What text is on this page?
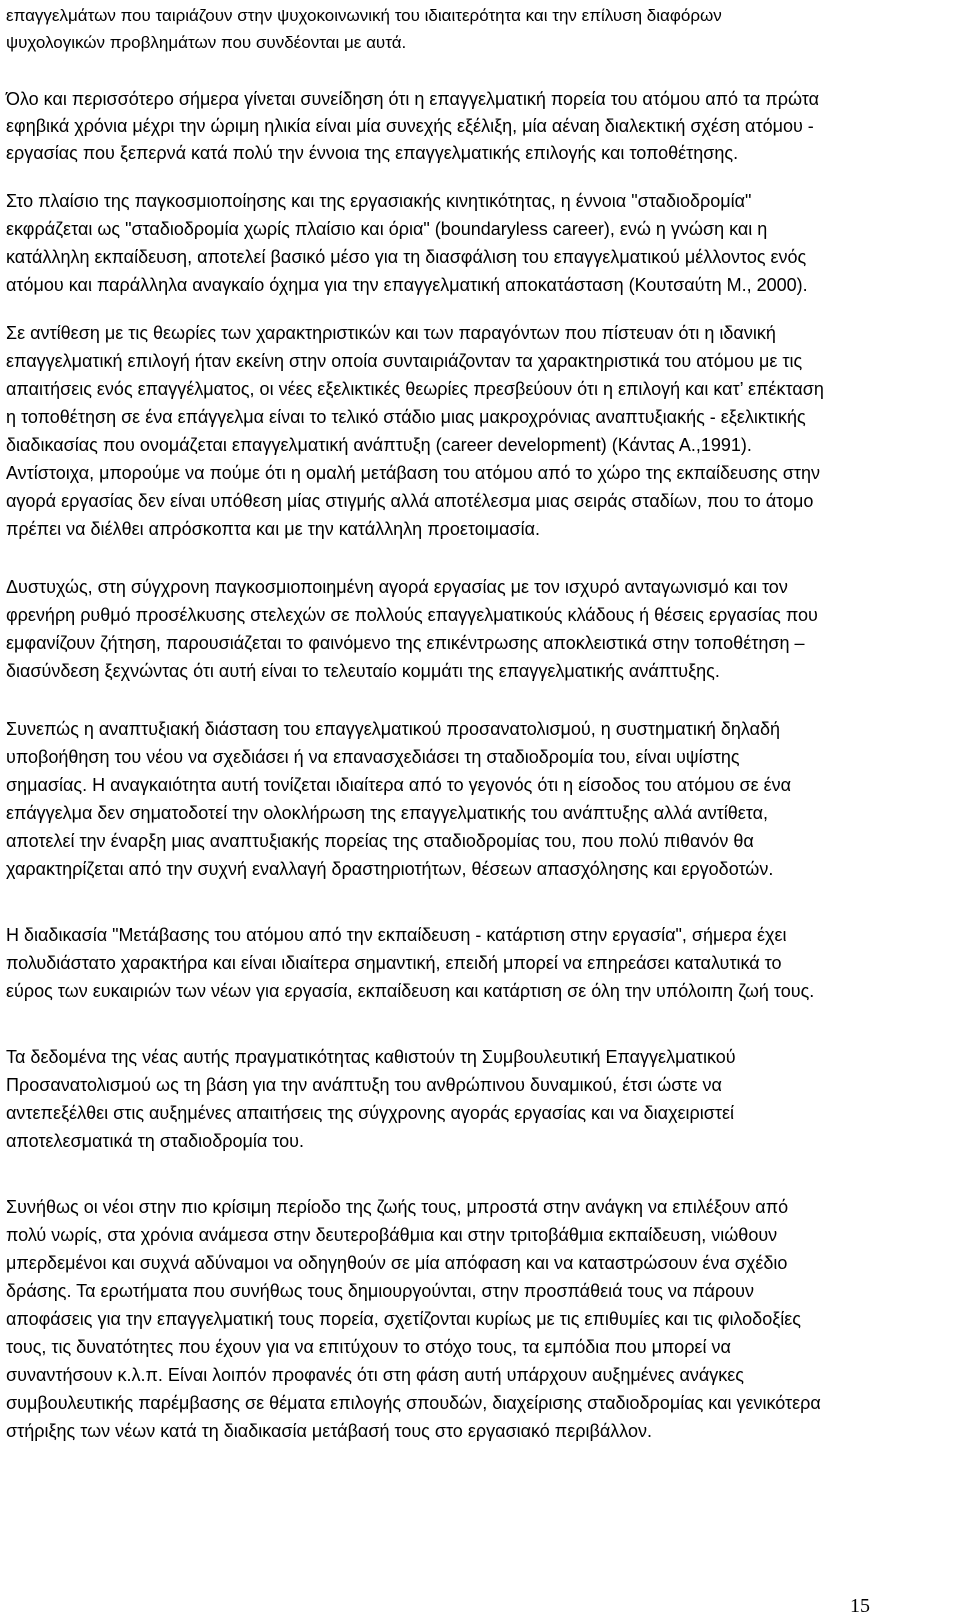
επαγγελμάτων που ταιριάζουν στην ψυχοκοινωνική του ιδιαιτερότητα και την επίλυση διαφόρων
ψυχολογικών προβλημάτων που συνδέονται με αυτά.

Όλο και περισσότερο σήμερα γίνεται συνείδηση ότι η επαγγελματική πορεία του ατόμου από τα πρώτα
εφηβικά χρόνια μέχρι την ώριμη ηλικία είναι μία συνεχής εξέλιξη, μία αέναη διαλεκτική σχέση ατόμου -
εργασίας που ξεπερνά κατά πολύ την έννοια της επαγγελματικής επιλογής και τοποθέτησης.

Στο πλαίσιο της παγκοσμιοποίησης και της εργασιακής κινητικότητας, η έννοια "σταδιοδρομία"
εκφράζεται ως "σταδιοδρομία χωρίς πλαίσιο και όρια" (boundaryless career), ενώ η γνώση και η
κατάλληλη εκπαίδευση, αποτελεί βασικό μέσο για τη διασφάλιση του επαγγελματικού μέλλοντος ενός
ατόμου και παράλληλα αναγκαίο όχημα για την επαγγελματική αποκατάσταση (Κουτσαύτη Μ., 2000).

Σε αντίθεση με τις θεωρίες των χαρακτηριστικών και των παραγόντων που πίστευαν ότι η ιδανική
επαγγελματική επιλογή ήταν εκείνη στην οποία συνταιριάζονταν τα χαρακτηριστικά του ατόμου με τις
απαιτήσεις ενός επαγγέλματος, οι νέες εξελικτικές θεωρίες πρεσβεύουν ότι η επιλογή και κατ’ επέκταση
η τοποθέτηση σε ένα επάγγελμα είναι το τελικό στάδιο μιας μακροχρόνιας αναπτυξιακής - εξελικτικής
διαδικασίας που ονομάζεται επαγγελματική ανάπτυξη (career development) (Κάντας Α.,1991).
Αντίστοιχα, μπορούμε να πούμε ότι η ομαλή μετάβαση του ατόμου από το χώρο της εκπαίδευσης στην
αγορά εργασίας δεν είναι υπόθεση μίας στιγμής αλλά αποτέλεσμα μιας σειράς σταδίων, που το άτομο
πρέπει να διέλθει απρόσκοπτα και με την κατάλληλη προετοιμασία.

Δυστυχώς, στη σύγχρονη παγκοσμιοποιημένη αγορά εργασίας με τον ισχυρό ανταγωνισμό και τον
φρενήρη ρυθμό προσέλκυσης στελεχών σε πολλούς επαγγελματικούς κλάδους ή θέσεις εργασίας που
εμφανίζουν ζήτηση, παρουσιάζεται το φαινόμενο της επικέντρωσης αποκλειστικά στην τοποθέτηση –
διασύνδεση ξεχνώντας ότι αυτή είναι το τελευταίο κομμάτι της επαγγελματικής ανάπτυξης.

Συνεπώς η αναπτυξιακή διάσταση του επαγγελματικού προσανατολισμού, η συστηματική δηλαδή
υποβοήθηση του νέου να σχεδιάσει ή να επανασχεδιάσει τη σταδιοδρομία του, είναι υψίστης
σημασίας. Η αναγκαιότητα αυτή τονίζεται ιδιαίτερα από το γεγονός ότι η είσοδος του ατόμου σε ένα
επάγγελμα δεν σηματοδοτεί την ολοκλήρωση της επαγγελματικής του ανάπτυξης αλλά αντίθετα,
αποτελεί την έναρξη μιας αναπτυξιακής πορείας της σταδιοδρομίας του, που πολύ πιθανόν θα
χαρακτηρίζεται από την συχνή εναλλαγή δραστηριοτήτων, θέσεων απασχόλησης και εργοδοτών.

Η διαδικασία "Μετάβασης του ατόμου από την εκπαίδευση - κατάρτιση στην εργασία", σήμερα έχει
πολυδιάστατο χαρακτήρα και είναι ιδιαίτερα σημαντική, επειδή μπορεί να επηρεάσει καταλυτικά το
εύρος των ευκαιριών των νέων για εργασία, εκπαίδευση και κατάρτιση σε όλη την υπόλοιπη ζωή τους.

Τα δεδομένα της νέας αυτής πραγματικότητας καθιστούν τη Συμβουλευτική Επαγγελματικού
Προσανατολισμού ως τη βάση για την ανάπτυξη του ανθρώπινου δυναμικού, έτσι ώστε να
αντεπεξέλθει στις αυξημένες απαιτήσεις της σύγχρονης αγοράς εργασίας και να διαχειριστεί
αποτελεσματικά τη σταδιοδρομία του.

Συνήθως οι νέοι στην πιο κρίσιμη περίοδο της ζωής τους, μπροστά στην ανάγκη να επιλέξουν από
πολύ νωρίς, στα χρόνια ανάμεσα στην δευτεροβάθμια και στην τριτοβάθμια εκπαίδευση, νιώθουν
μπερδεμένοι και συχνά αδύναμοι να οδηγηθούν σε μία απόφαση και να καταστρώσουν ένα σχέδιο
δράσης. Τα ερωτήματα που συνήθως τους δημιουργούνται, στην προσπάθειά τους να πάρουν
αποφάσεις για την επαγγελματική τους πορεία, σχετίζονται κυρίως με τις επιθυμίες και τις φιλοδοξίες
τους, τις δυνατότητες που έχουν για να επιτύχουν το στόχο τους, τα εμπόδια που μπορεί να
συναντήσουν κ.λ.π. Είναι λοιπόν προφανές ότι στη φάση αυτή υπάρχουν αυξημένες ανάγκες
συμβουλευτικής παρέμβασης σε θέματα επιλογής σπουδών, διαχείρισης σταδιοδρομίας και γενικότερα
στήριξης των νέων κατά τη διαδικασία μετάβασή τους στο εργασιακό περιβάλλον.

15
